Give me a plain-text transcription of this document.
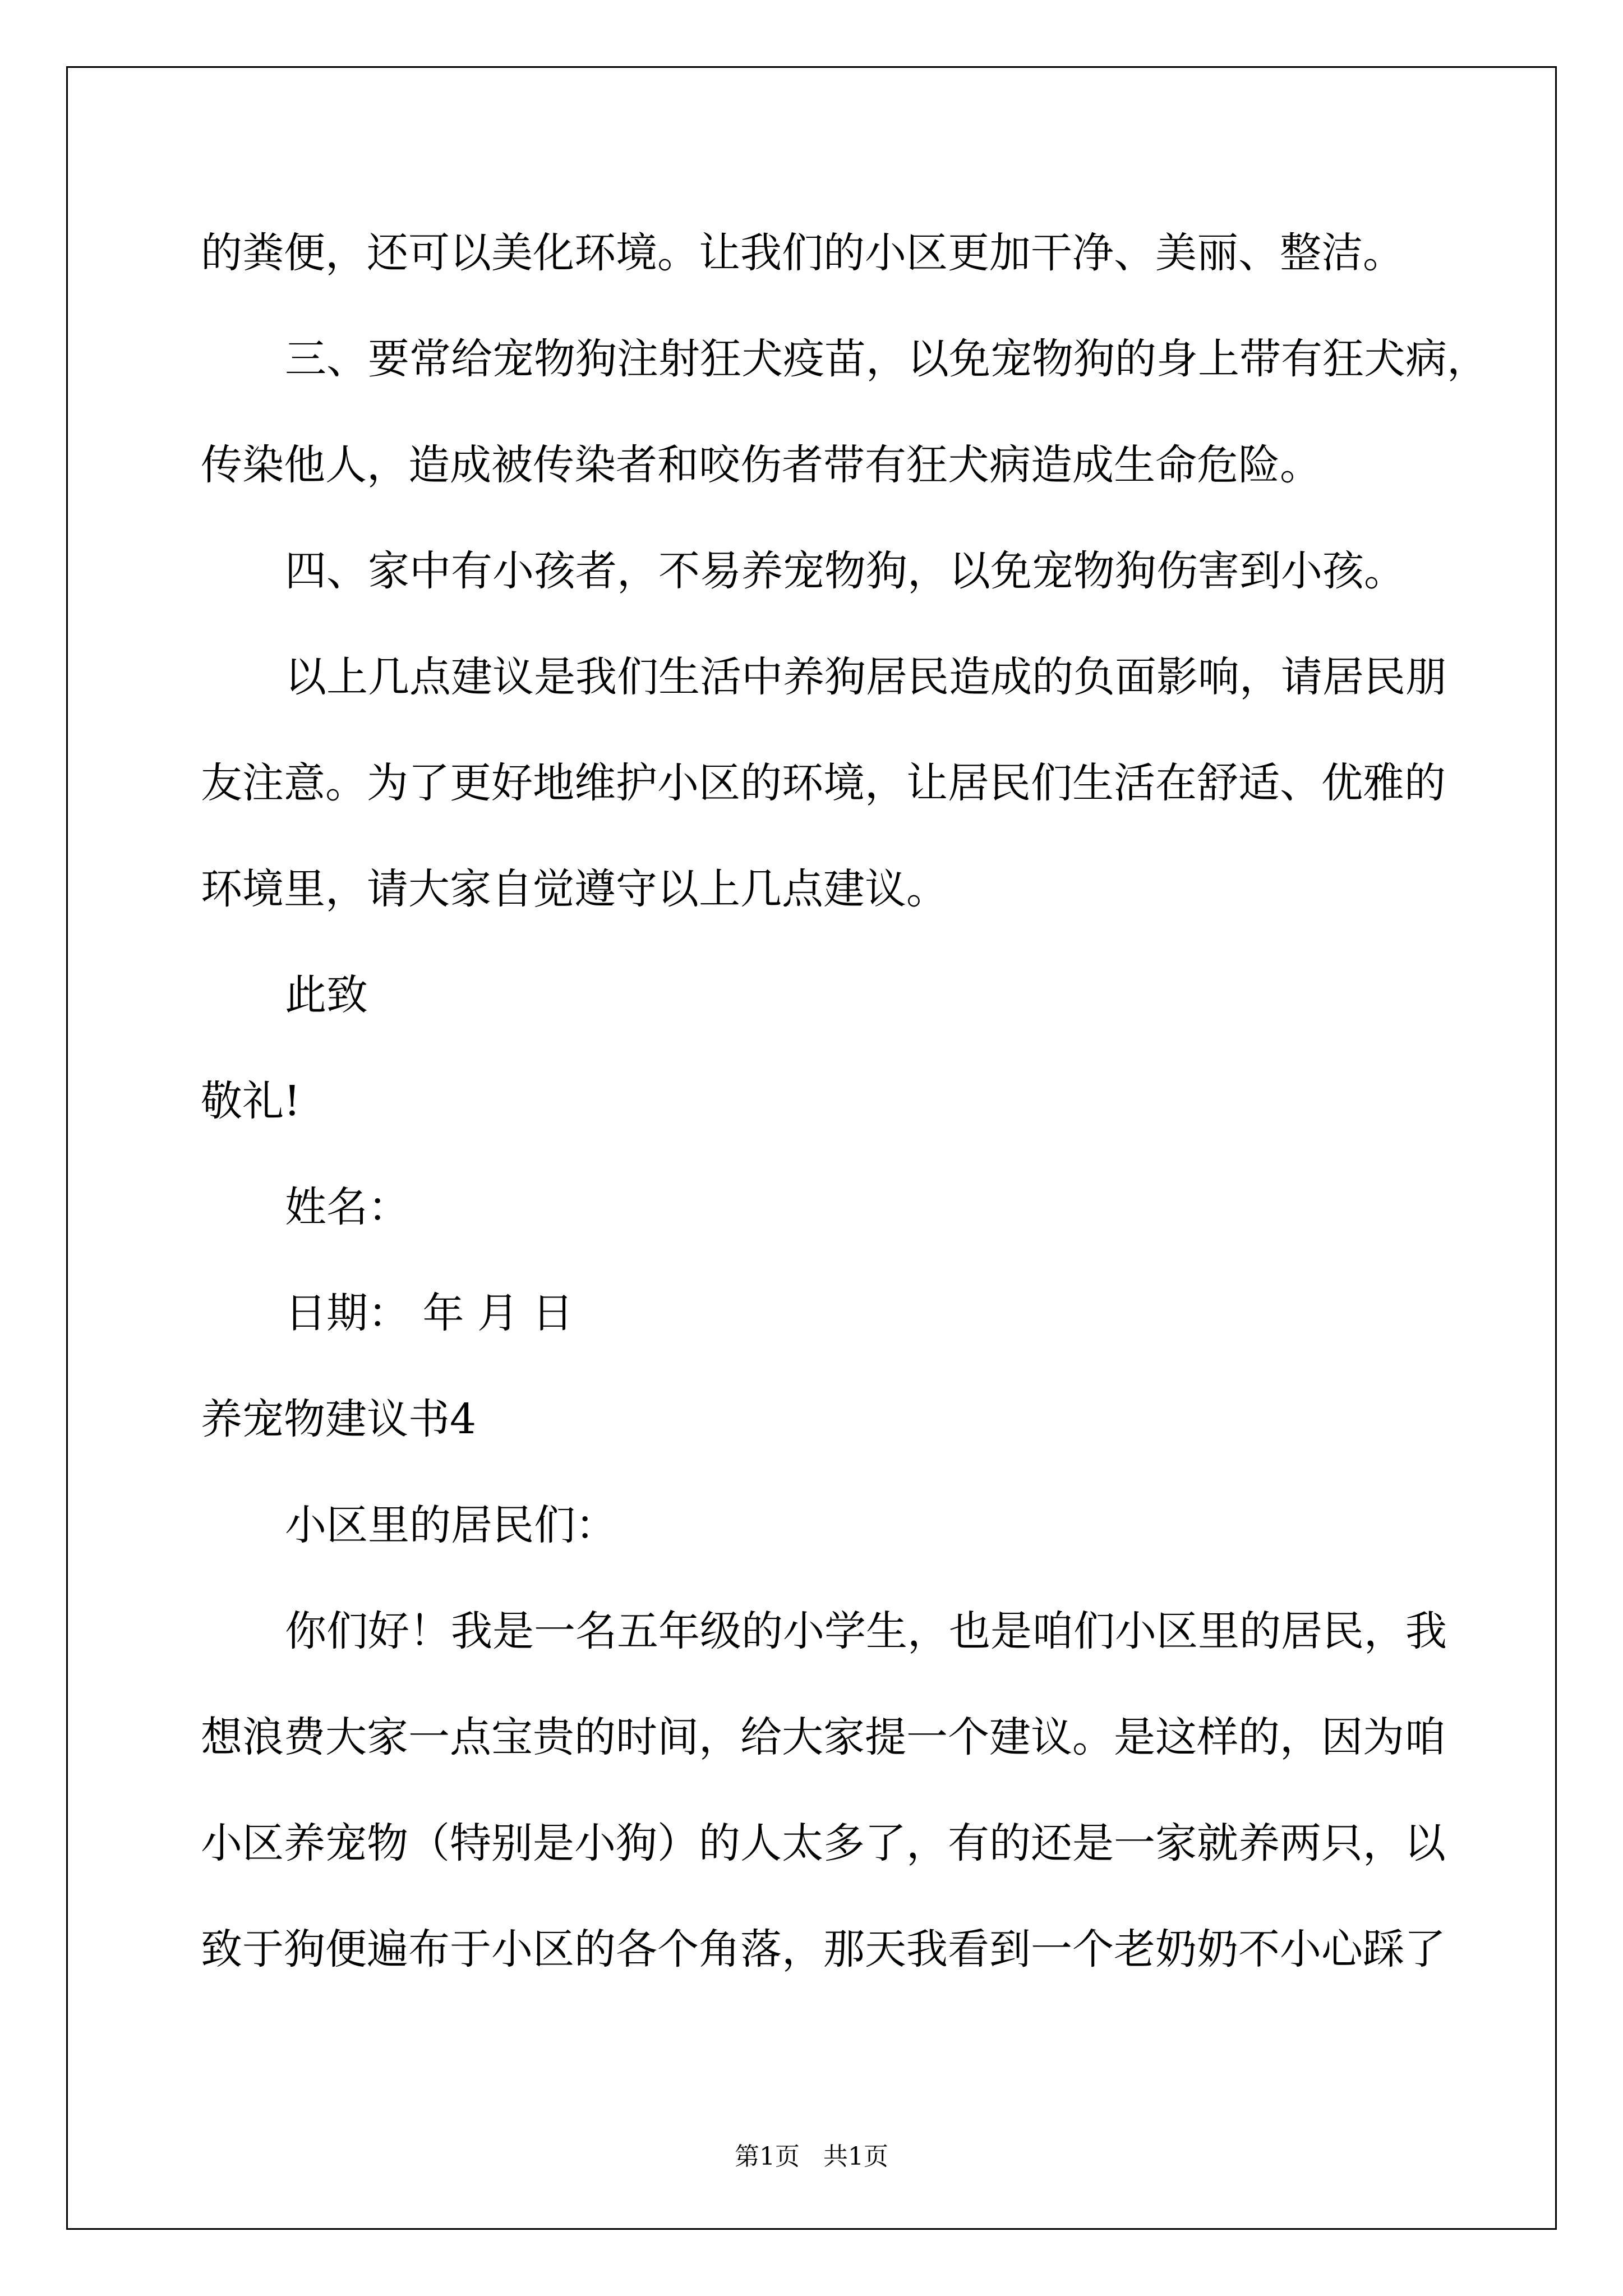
的粪便，还可以美化环境。让我们的小区更加干净、美丽、整洁。

三、要常给宠物狗注射狂犬疫苗，以免宠物狗的身上带有狂犬病，

传染他人，造成被传染者和咬伤者带有狂犬病造成生命危险。

四、家中有小孩者，不易养宠物狗，以免宠物狗伤害到小孩。

以上几点建议是我们生活中养狗居民造成的负面影响，请居民朋

友注意。为了更好地维护小区的环境，让居民们生活在舒适、优雅的

环境里，请大家自觉遵守以上几点建议。

此致

敬礼!

姓名：

日期： 年 月 日

养宠物建议书4

小区里的居民们：

你们好！我是一名五年级的小学生，也是咱们小区里的居民，我

想浪费大家一点宝贵的时间，给大家提一个建议。是这样的，因为咱

小区养宠物（特别是小狗）的人太多了，有的还是一家就养两只，以

致于狗便遍布于小区的各个角落，那天我看到一个老奶奶不小心踩了

第1页   共1页
